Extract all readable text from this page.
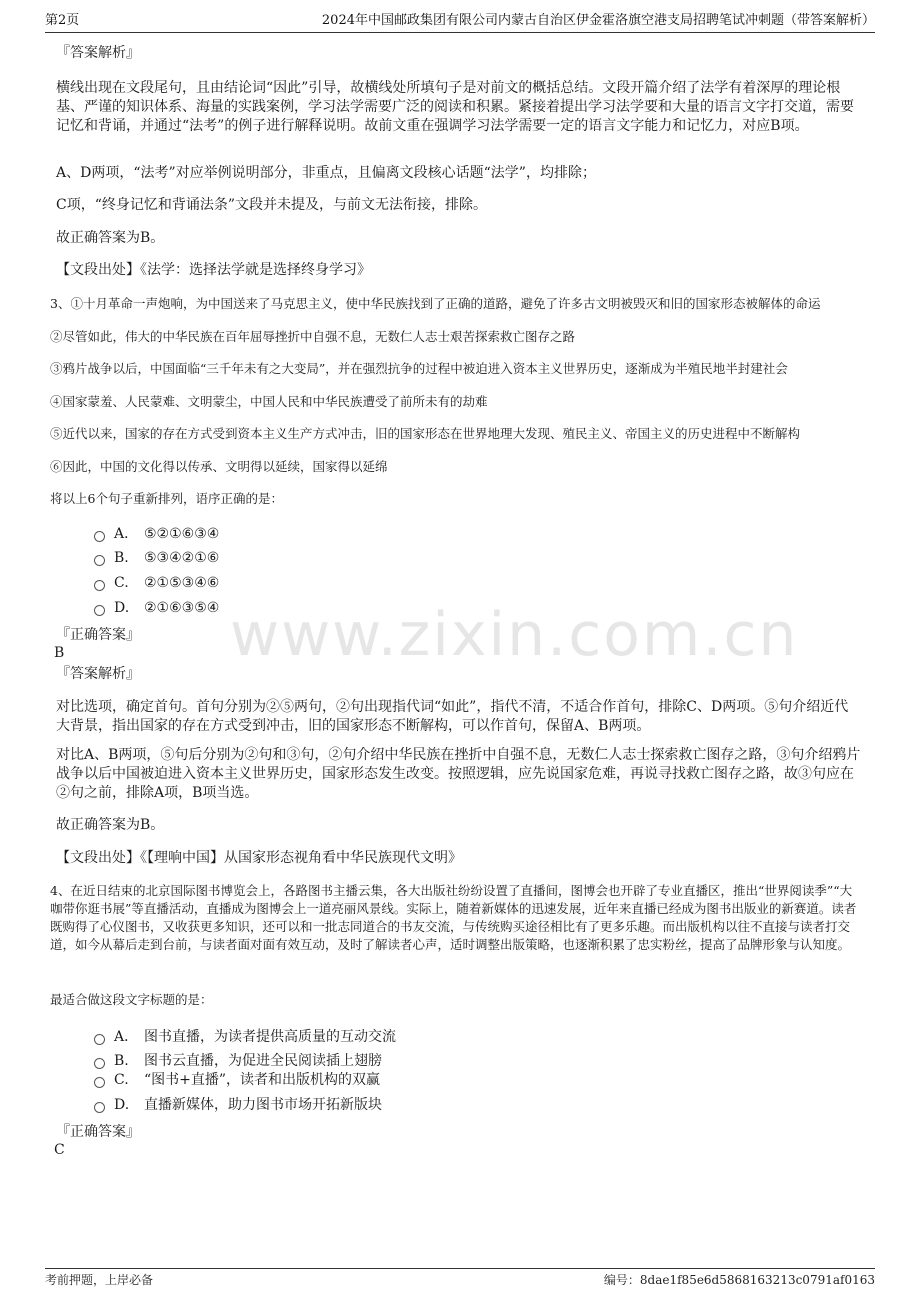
第2页	2024年中国邮政集团有限公司内蒙古自治区伊金霍洛旗空港支局招聘笔试冲刺题（带答案解析）
www.zixin.com.cn
『答案解析』
横线出现在文段尾句，且由结论词“因此”引导，故横线处所填句子是对前文的概括总结。文段开篇介绍了法学有着深厚的理论根基、严谨的知识体系、海量的实践案例，学习法学需要广泛的阅读和积累。紧接着提出学习法学要和大量的语言文字打交道，需要记忆和背诵，并通过“法考”的例子进行解释说明。故前文重在强调学习法学需要一定的语言文字能力和记忆力，对应B项。
A、D两项，“法考”对应举例说明部分，非重点，且偏离文段核心话题“法学”，均排除；
C项，“终身记忆和背诵法条”文段并未提及，与前文无法衔接，排除。
故正确答案为B。
【文段出处】《法学：选择法学就是选择终身学习》
3、①十月革命一声炮响，为中国送来了马克思主义，使中华民族找到了正确的道路，避免了许多古文明被毁灭和旧的国家形态被解体的命运
②尽管如此，伟大的中华民族在百年屈辱挫折中自强不息，无数仁人志士艰苦探索救亡图存之路
③鸦片战争以后，中国面临“三千年未有之大变局”，并在强烈抗争的过程中被迫进入资本主义世界历史，逐渐成为半殖民地半封建社会
④国家蒙羞、人民蒙难、文明蒙尘，中国人民和中华民族遭受了前所未有的劫难
⑤近代以来，国家的存在方式受到资本主义生产方式冲击，旧的国家形态在世界地理大发现、殖民主义、帝国主义的历史进程中不断解构
⑥因此，中国的文化得以传承、文明得以延续，国家得以延绵
将以上6个句子重新排列，语序正确的是：
A． ⑤②①⑥③④
B.	⑤③④②①⑥
C.	②①⑤③④⑥
D.	②①⑥③⑤④
『正确答案』
B
『答案解析』
对比选项，确定首句。首句分别为②⑤两句，②句出现指代词“如此”，指代不清，不适合作首句，排除C、D两项。⑤句介绍近代大背景，指出国家的存在方式受到冲击，旧的国家形态不断解构，可以作首句，保留A、B两项。
对比A、B两项，⑤句后分别为②句和③句，②句介绍中华民族在挫折中自强不息，无数仁人志士探索救亡图存之路，③句介绍鸦片战争以后中国被迫进入资本主义世界历史，国家形态发生改变。按照逻辑，应先说国家危难，再说寻找救亡图存之路，故③句应在②句之前，排除A项，B项当选。
故正确答案为B。
【文段出处】《【理响中国】从国家形态视角看中华民族现代文明》
4、在近日结束的北京国际图书博览会上，各路图书主播云集，各大出版社纷纷设置了直播间，图博会也开辟了专业直播区，推出“世界阅读季”“大咖带你逛书展”等直播活动，直播成为图博会上一道亮丽风景线。实际上，随着新媒体的迅速发展，近年来直播已经成为图书出版业的新赛道。读者既购得了心仪图书，又收获更多知识，还可以和一批志同道合的书友交流，与传统购买途径相比有了更多乐趣。而出版机构以往不直接与读者打交道，如今从幕后走到台前，与读者面对面有效互动，及时了解读者心声，适时调整出版策略，也逐渐积累了忠实粉丝，提高了品牌形象与认知度。
最适合做这段文字标题的是：
A． 图书直播，为读者提供高质量的互动交流
B.	图书云直播，为促进全民阅读插上翅膀
C.	“图书+直播”，读者和出版机构的双赢
D.	直播新媒体，助力图书市场开拓新版块
『正确答案』
C
考前押题，上岸必备	编号：8dae1f85e6d5868163213c0791af0163
